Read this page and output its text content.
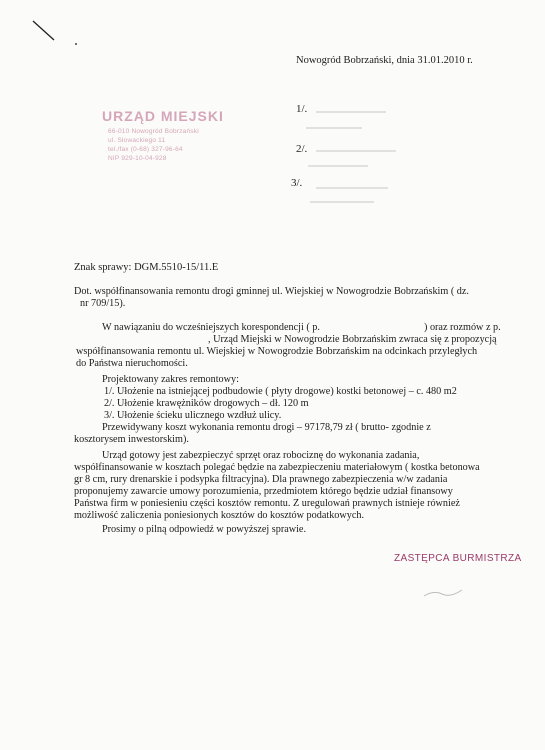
Nowogród Bobrzański, dnia 31.01.2010 r.
URZĄD MIEJSKI
66-010 Nowogród Bobrzański
ul. Słowackiego 11
tel./fax (0-68) 327-96-64
NIP 929-10-04-928
1/.
2/.
3/.
Znak sprawy: DGM.5510-15/11.E
Dot. współfinansowania remontu drogi gminnej ul. Wiejskiej w Nowogrodzie Bobrzańskim ( dz.
nr 709/15).
W nawiązaniu do wcześniejszych korespondencji ( p.	) oraz rozmów z p.
, Urząd Miejski w Nowogrodzie Bobrzańskim zwraca się z propozycją
współfinansowania remontu ul. Wiejskiej w Nowogrodzie Bobrzańskim na odcinkach przyległych
do Państwa nieruchomości.
Projektowany zakres remontowy:
1/. Ułożenie na istniejącej podbudowie ( płyty drogowe) kostki betonowej – c. 480 m2
2/. Ułożenie krawężników drogowych – dł. 120 m
3/. Ułożenie ścieku ulicznego wzdłuż ulicy.
Przewidywany koszt wykonania remontu drogi – 97178,79 zł ( brutto- zgodnie z
kosztorysem inwestorskim).
Urząd gotowy jest zabezpieczyć sprzęt oraz robociznę do wykonania zadania,
współfinansowanie w kosztach polegać będzie na zabezpieczeniu materiałowym ( kostka betonowa
gr 8 cm, rury drenarskie i podsypka filtracyjna). Dla prawnego zabezpieczenia w/w zadania
proponujemy zawarcie umowy porozumienia, przedmiotem którego będzie udział finansowy
Państwa firm w poniesieniu części kosztów remontu. Z uregulowań prawnych istnieje również
możliwość zaliczenia poniesionych kosztów do kosztów podatkowych.
Prosimy o pilną odpowiedź w powyższej sprawie.
ZASTĘPCA BURMISTRZA
